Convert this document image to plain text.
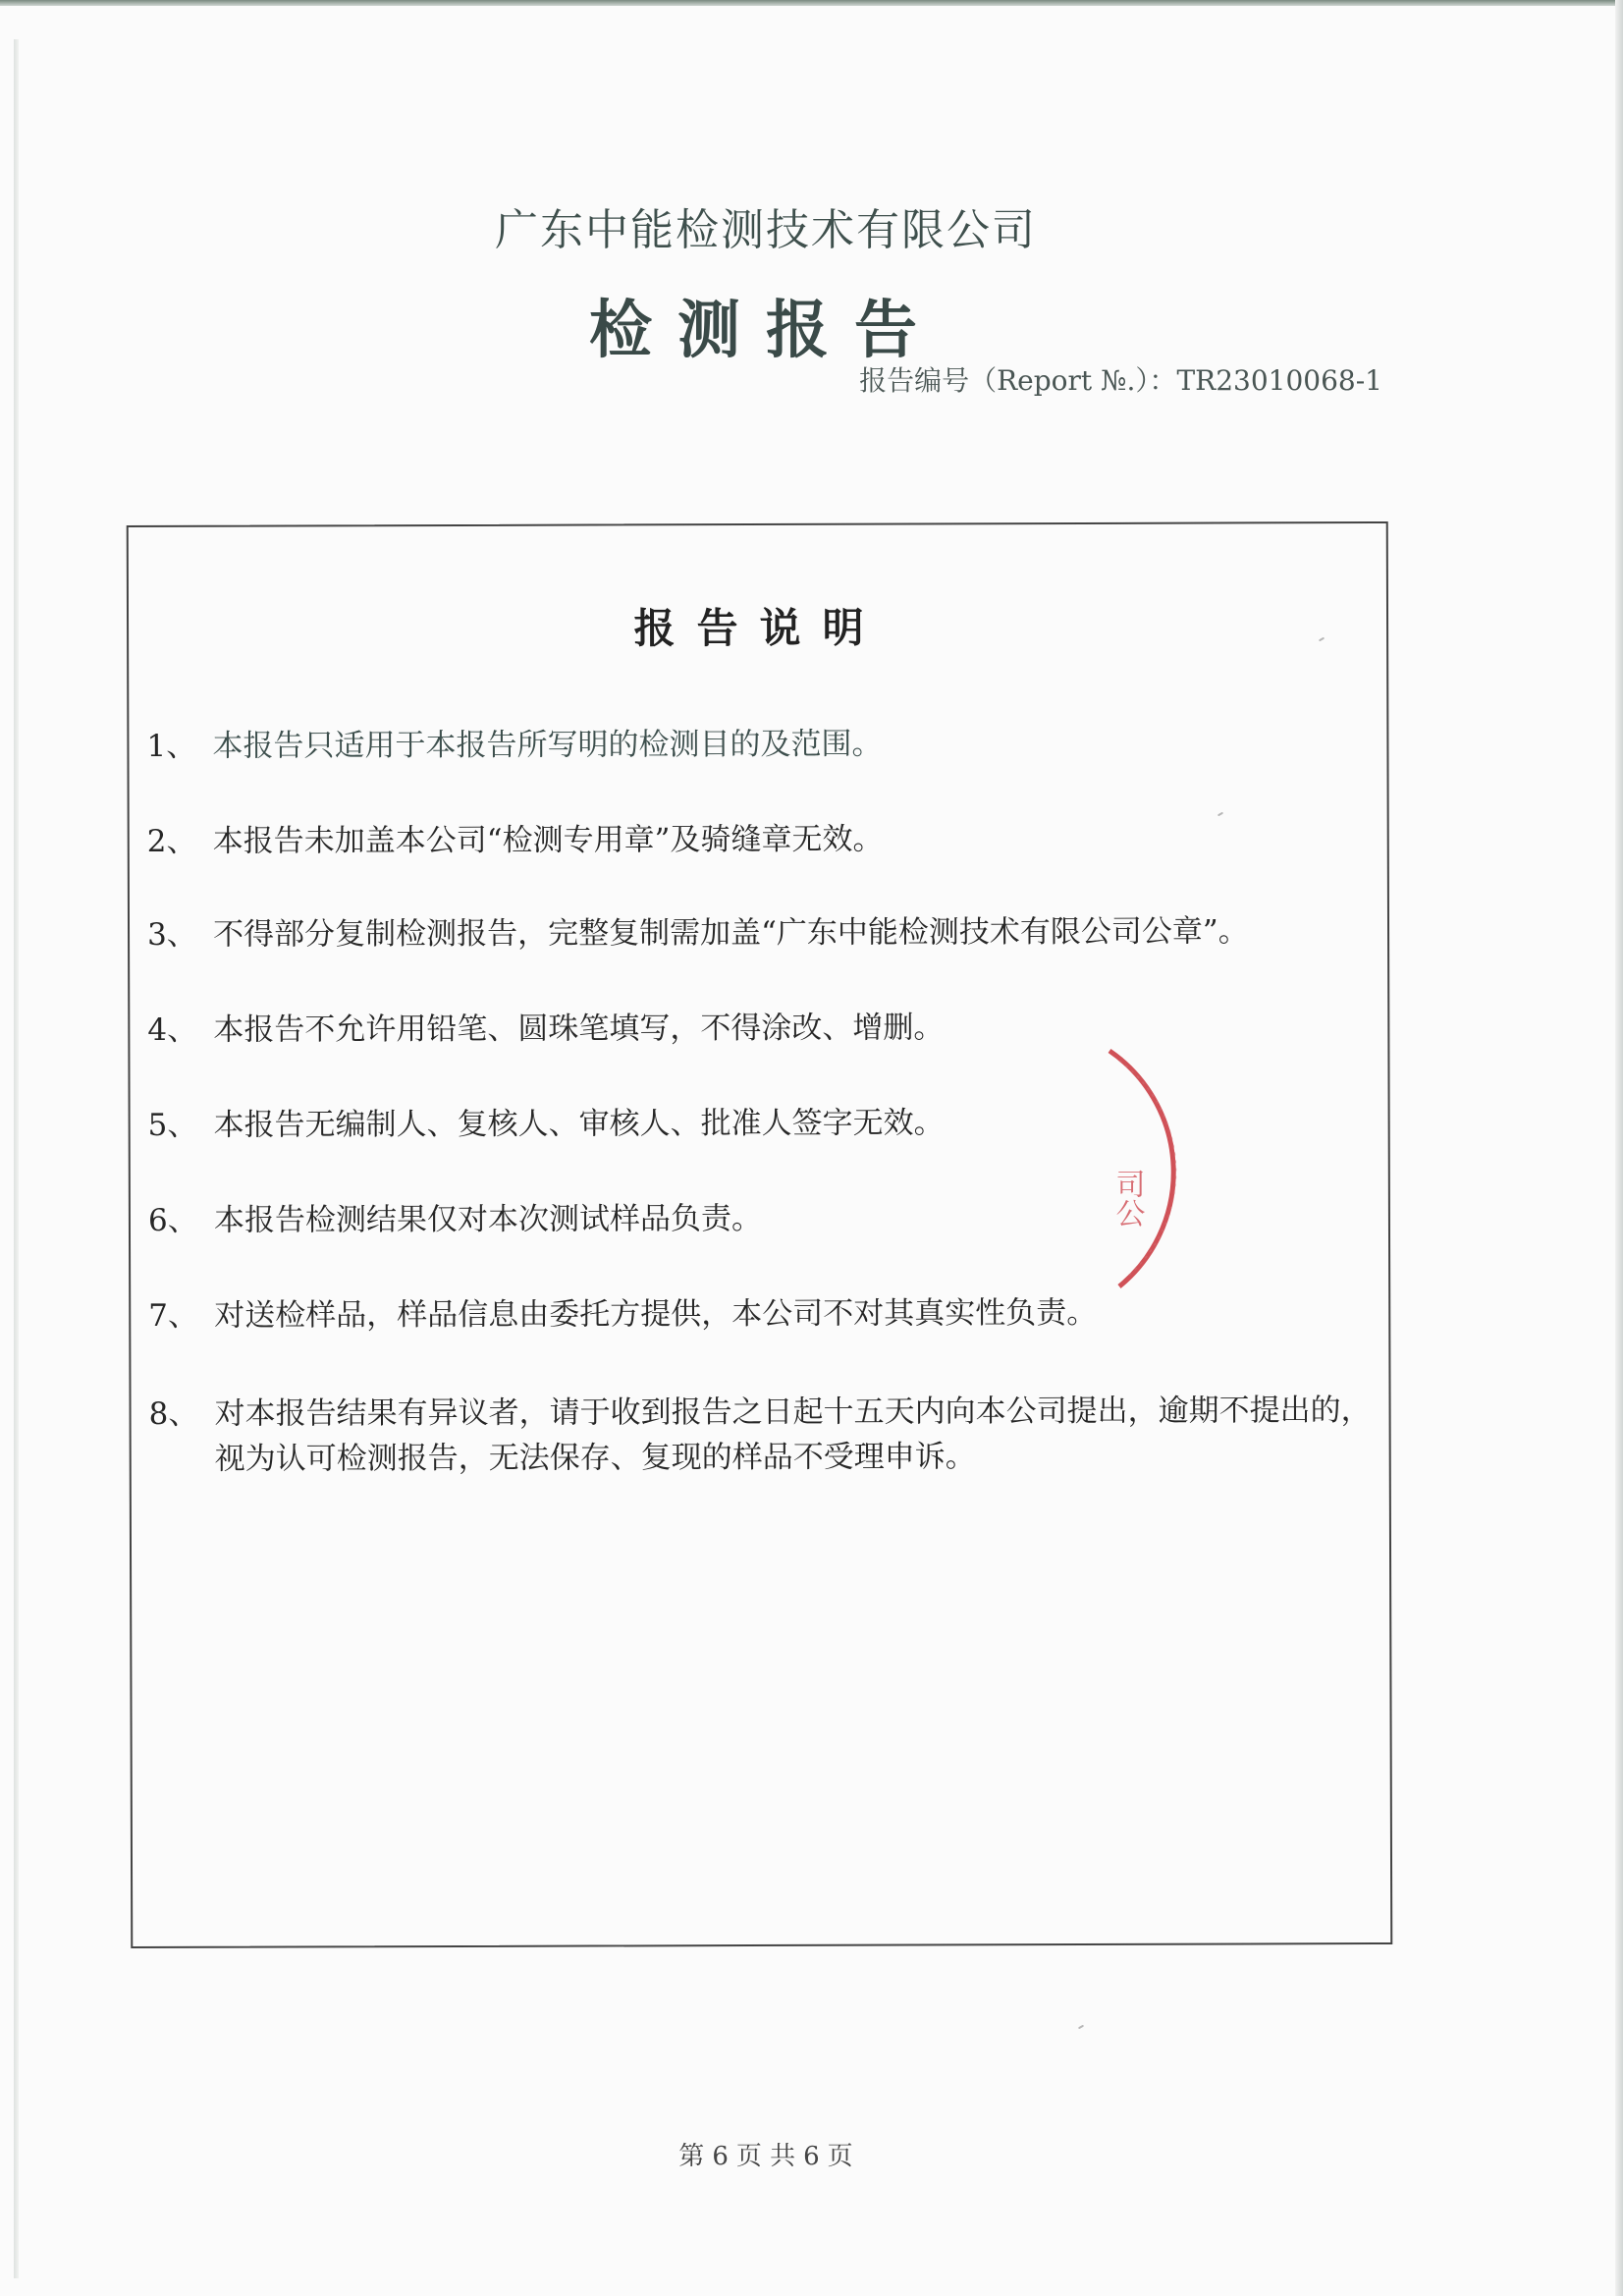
广东中能检测技术有限公司
检测报告
报告编号（Report №.）：TR23010068-1
报告说明
1、 本报告只适用于本报告所写明的检测目的及范围。
2、 本报告未加盖本公司“检测专用章”及骑缝章无效。
3、 不得部分复制检测报告，完整复制需加盖“广东中能检测技术有限公司公章”。
4、 本报告不允许用铅笔、圆珠笔填写，不得涂改、增删。
5、 本报告无编制人、复核人、审核人、批准人签字无效。
6、 本报告检测结果仅对本次测试样品负责。
7、 对送检样品，样品信息由委托方提供，本公司不对其真实性负责。
8、 对本报告结果有异议者，请于收到报告之日起十五天内向本公司提出，逾期不提出的，视为认可检测报告，无法保存、复现的样品不受理申诉。
司公
第 6 页 共 6 页
